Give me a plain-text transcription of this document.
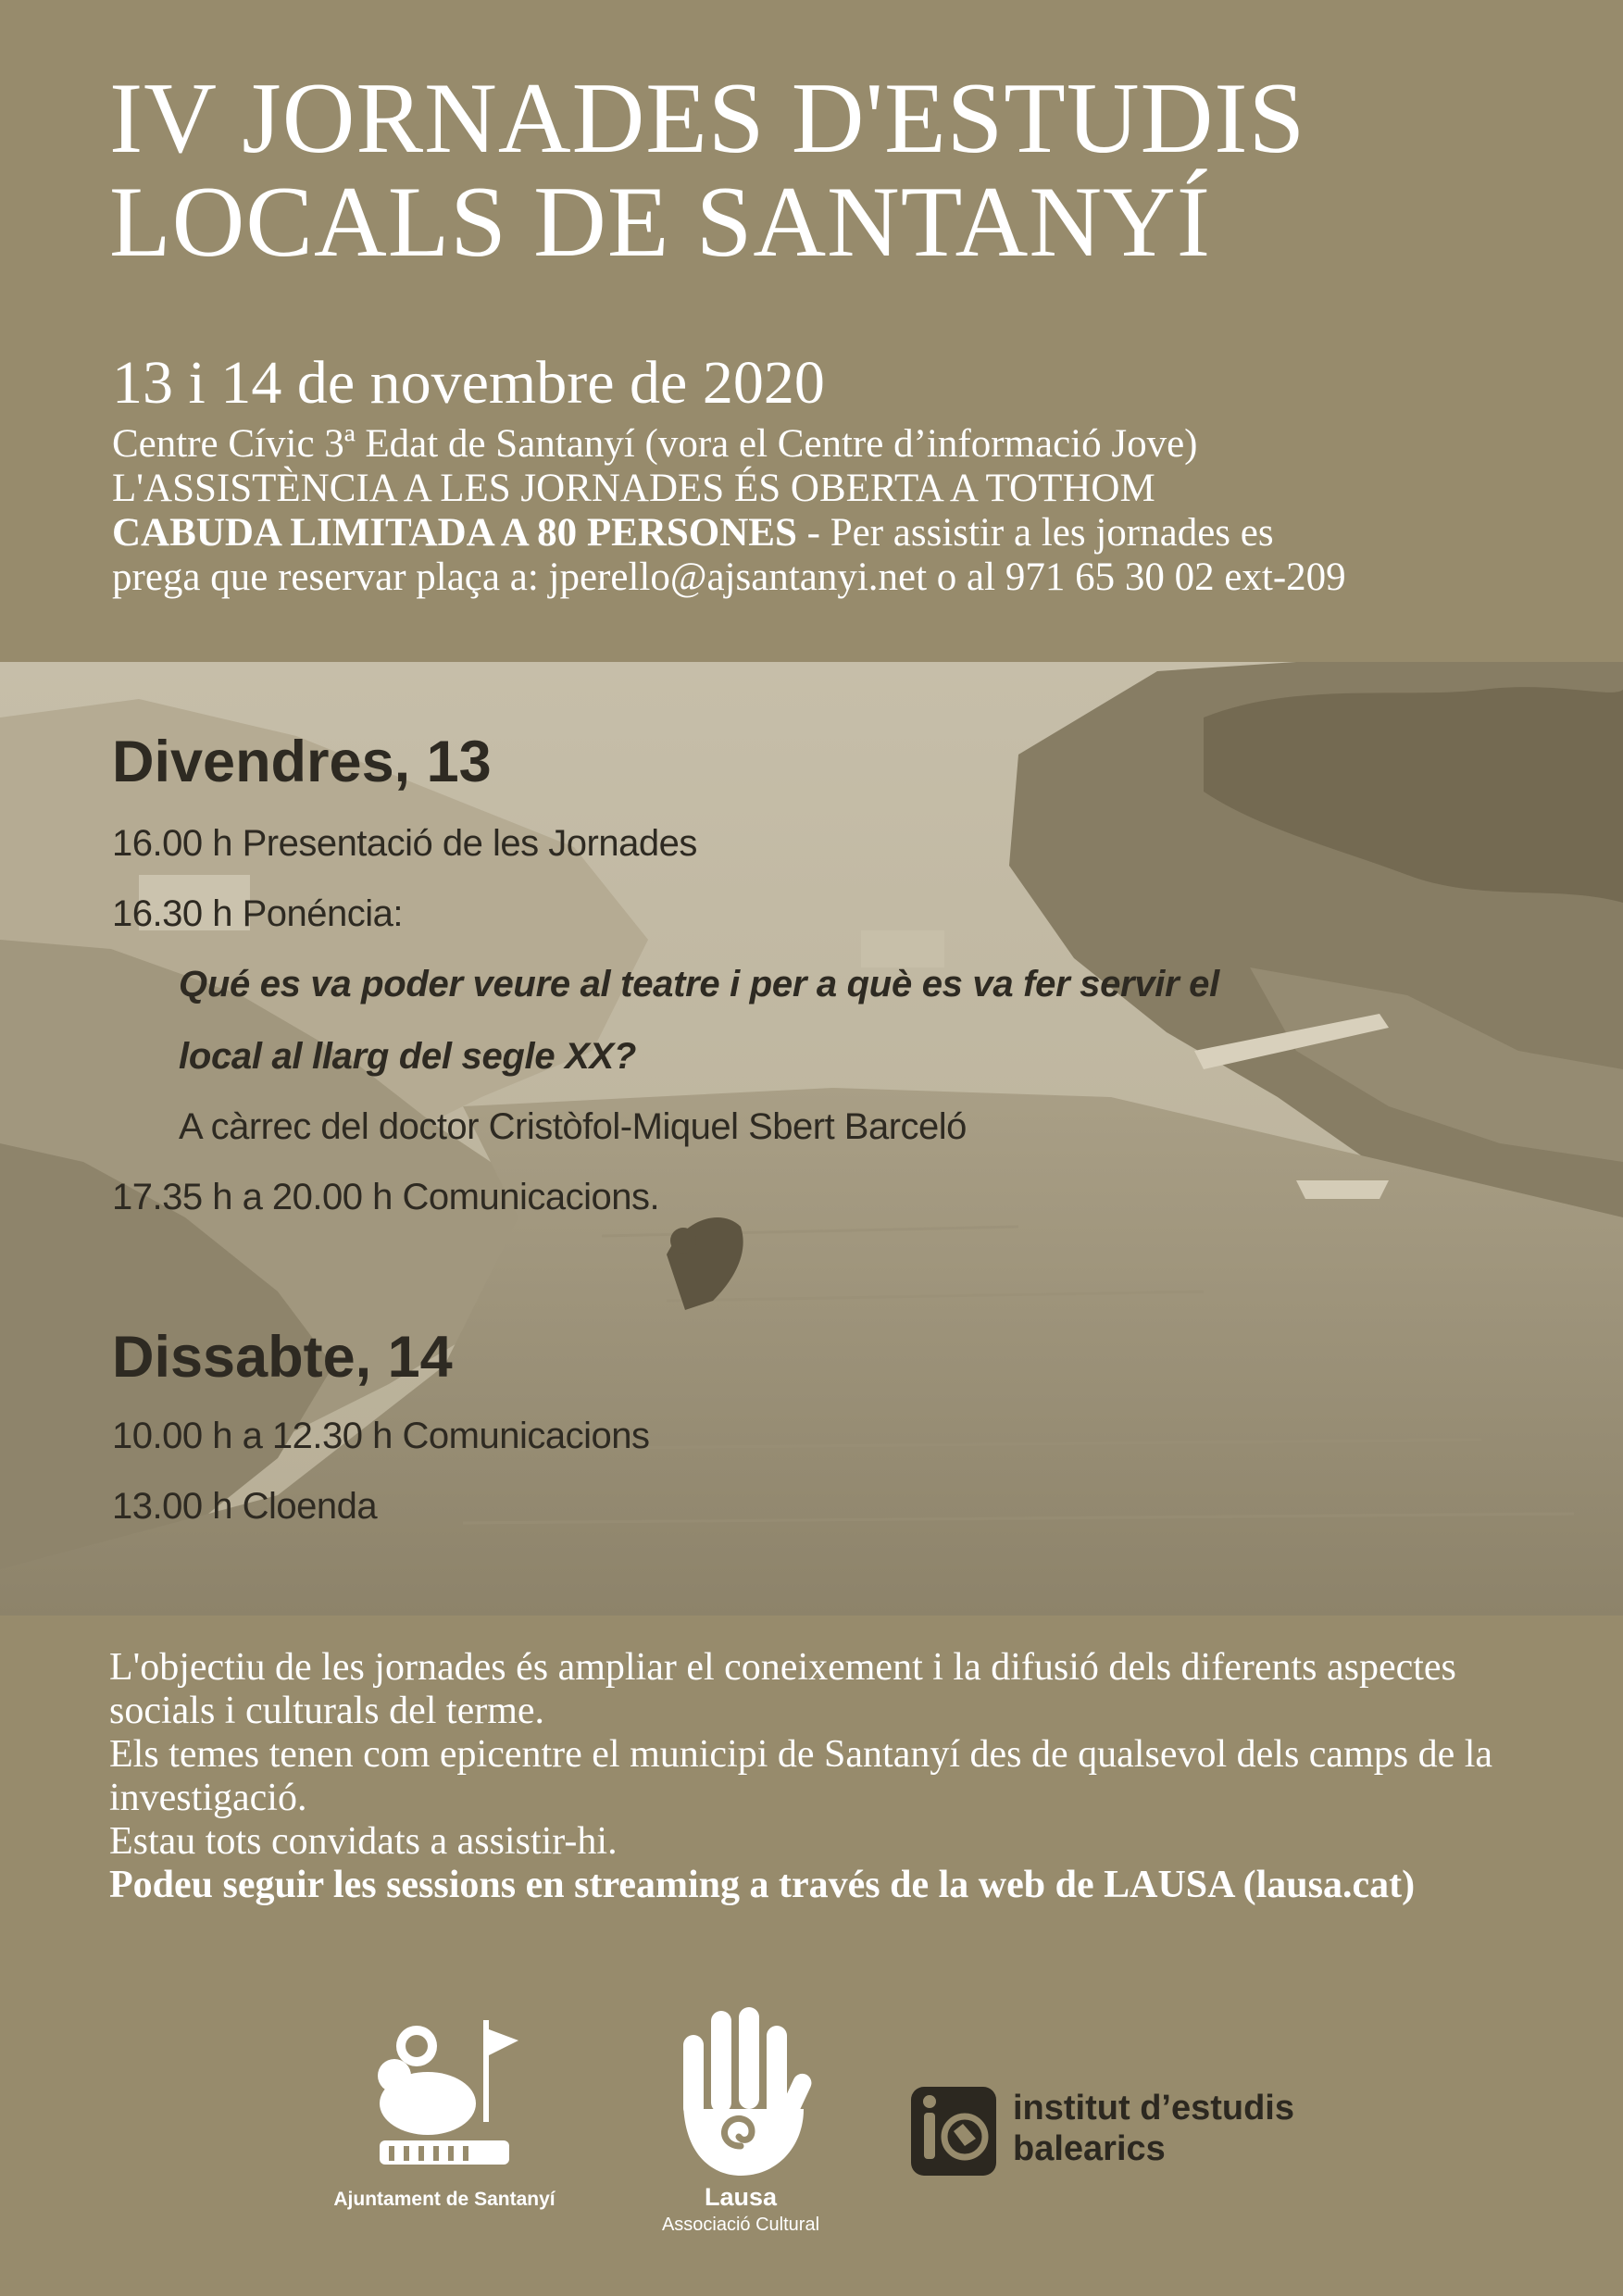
IV JORNADES D'ESTUDIS
LOCALS DE SANTANYÍ
13 i 14 de novembre de 2020
Centre Cívic 3ª Edat de Santanyí (vora el Centre d’informació Jove)
L'ASSISTÈNCIA A LES JORNADES ÉS OBERTA A TOTHOM
CABUDA LIMITADA A 80 PERSONES - Per assistir a les jornades es
prega que reservar plaça a: jperello@ajsantanyi.net o al 971 65 30 02 ext-209
Divendres, 13
16.00 h Presentació de les Jornades
16.30 h Ponéncia:
Qué es va poder veure al teatre i per a què es va fer servir el
local al llarg del segle XX?
A càrrec del doctor Cristòfol-Miquel Sbert Barceló
17.35 h a 20.00 h Comunicacions.
Dissabte, 14
10.00 h a 12.30 h Comunicacions
13.00 h Cloenda

L'objectiu de les jornades és ampliar el coneixement i la difusió dels diferents aspectes socials i culturals del terme.

Els temes tenen com epicentre el municipi de Santanyí des de qualsevol dels camps de la investigació.

Estau tots convidats a assistir-hi.

Podeu seguir les sessions en streaming a través de la web de LAUSA (lausa.cat)

Ajuntament de Santanyí	Lausa
Associació Cultural
institut d’estudis
balearics
